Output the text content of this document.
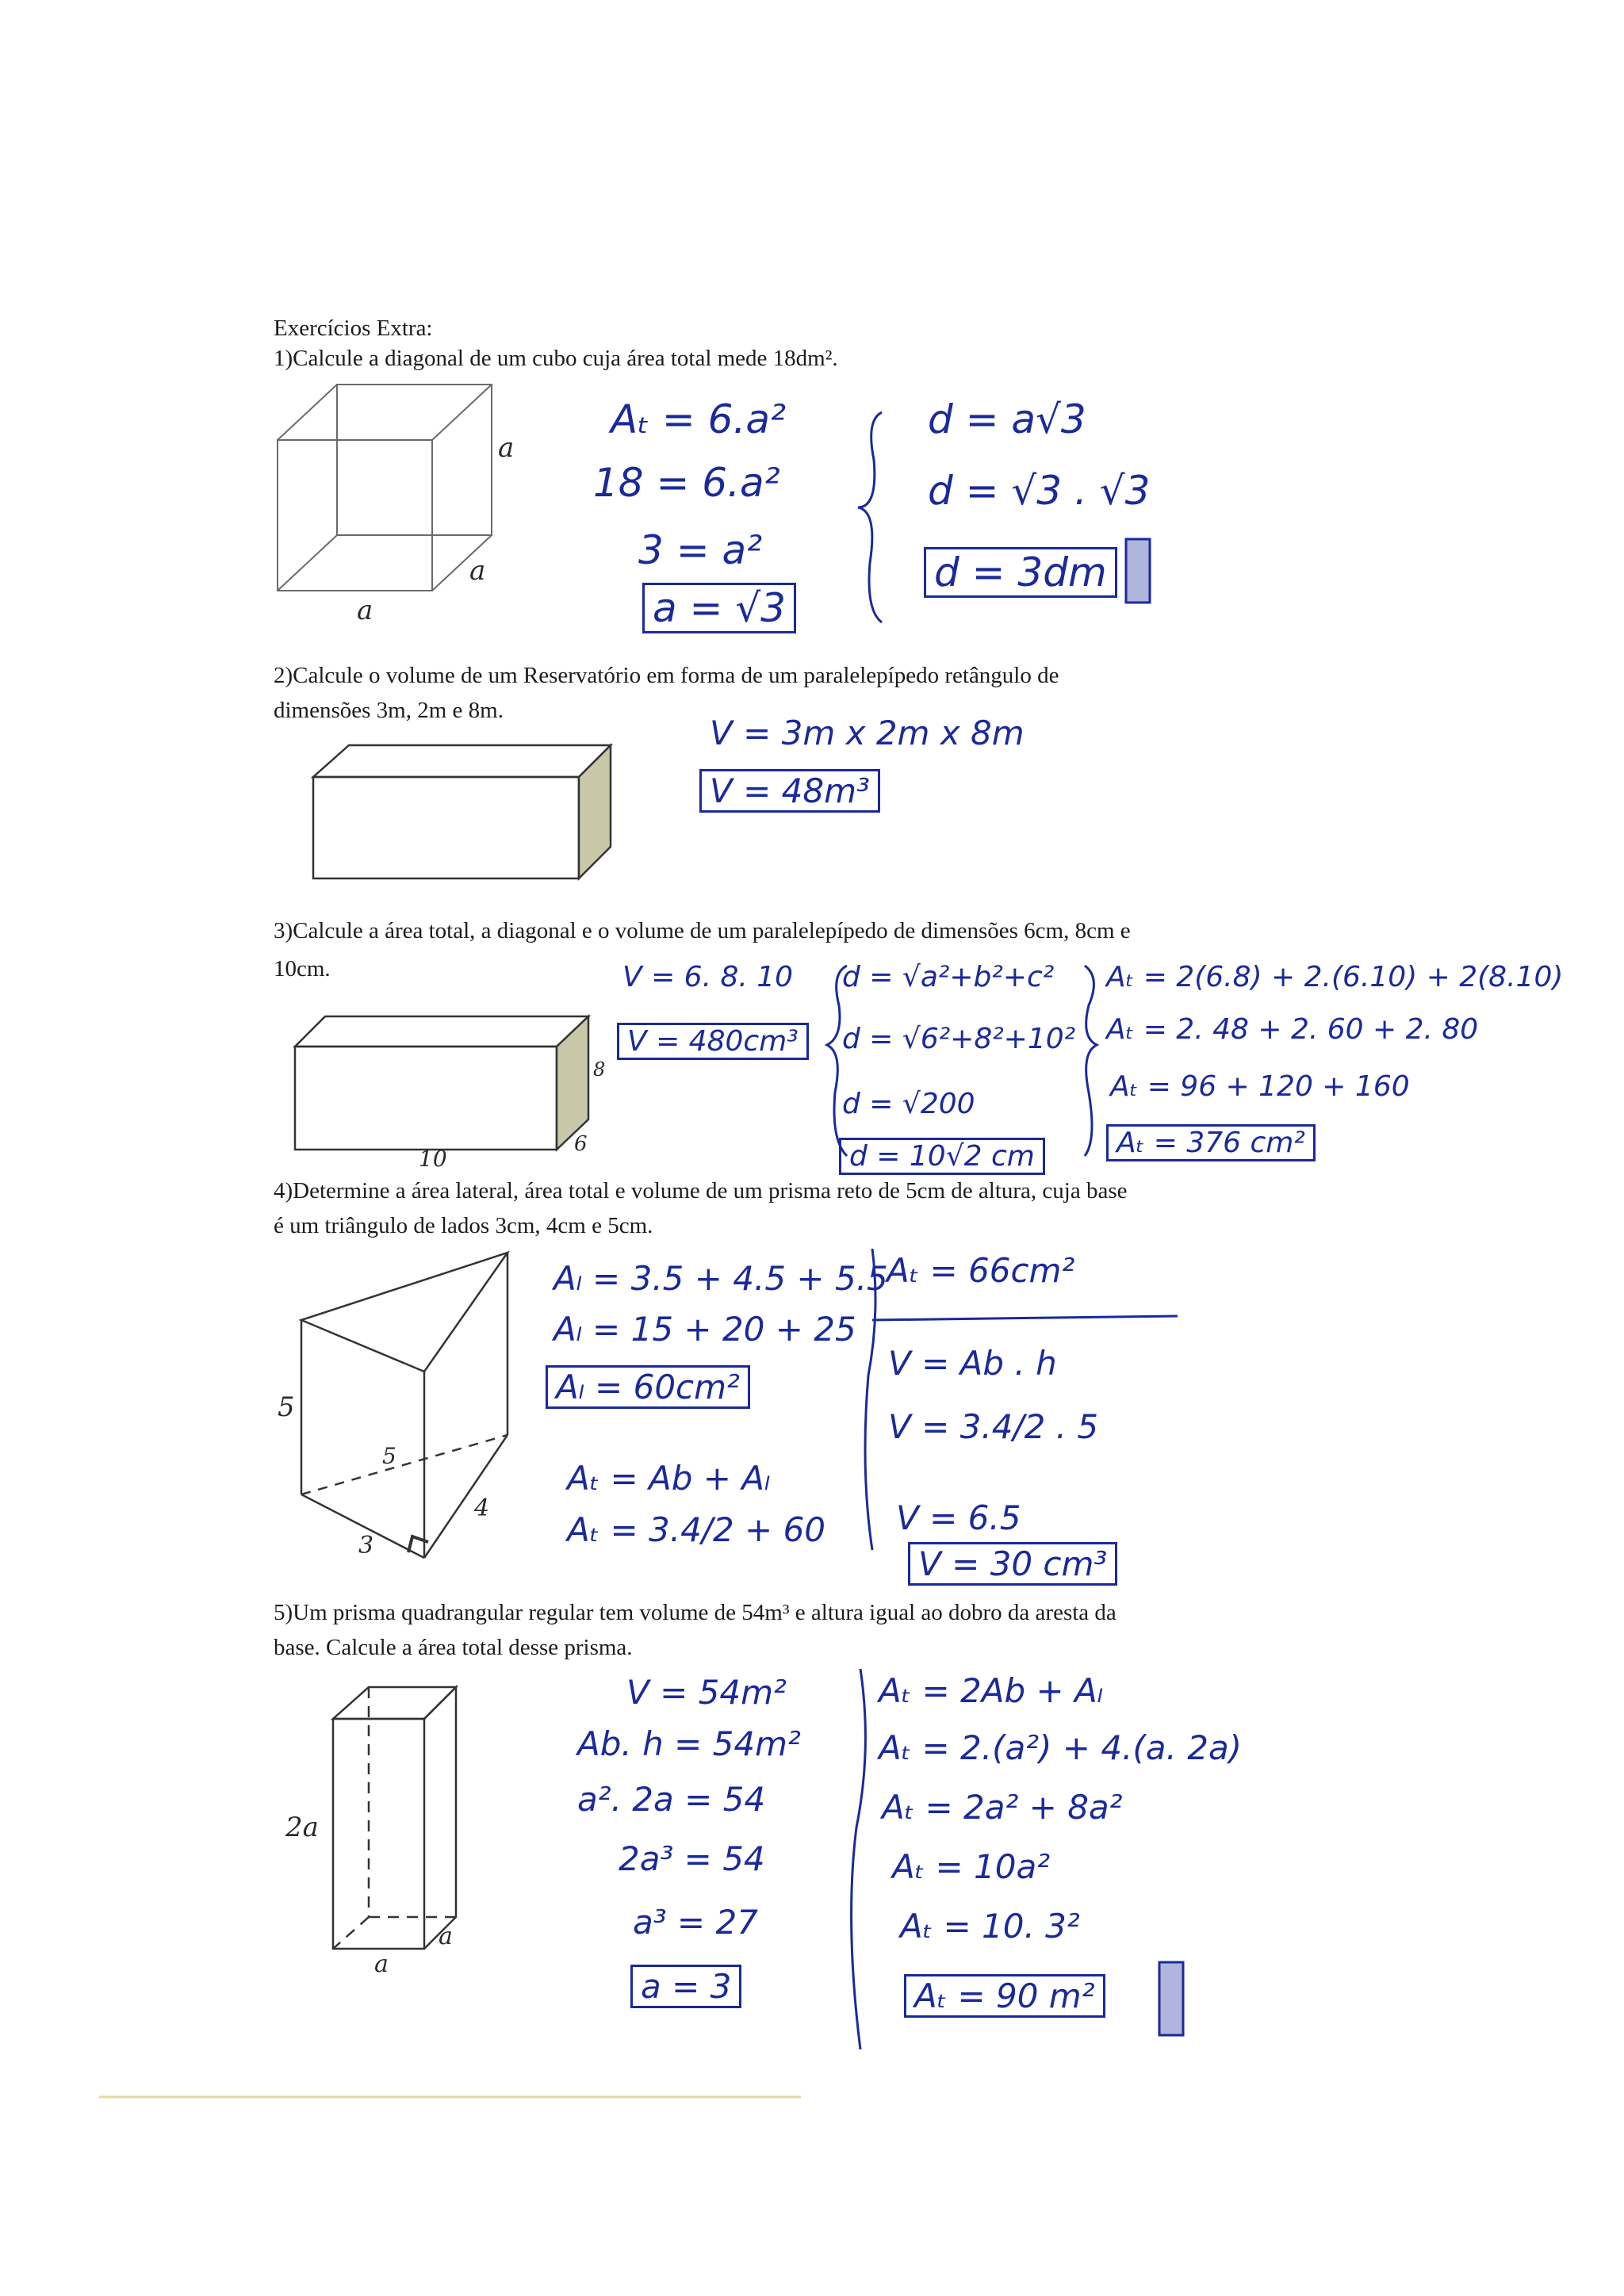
Exercícios Extra:
1)Calcule a diagonal de um cubo cuja área total mede 18dm².
2)Calcule o volume de um Reservatório em forma de um paralelepípedo retângulo de
dimensões 3m, 2m e 8m.
3)Calcule a área total, a diagonal e o volume de um paralelepípedo de dimensões 6cm, 8cm e
10cm.
4)Determine a área lateral, área total e volume de um prisma reto de 5cm de altura, cuja base
é um triângulo de lados 3cm, 4cm e 5cm.
5)Um prisma quadrangular regular tem volume de 54m³ e altura igual ao dobro da aresta da
base. Calcule a área total desse prisma.
a
a
a
10
8
6
5
5
4
3
2a
a
a
Aₜ = 6.a²
18 = 6.a²
3 = a²
a = √3
d = a√3
d = √3 . √3
d = 3dm
V = 3m x 2m x 8m
V = 48m³
V = 6. 8. 10
V = 480cm³
d = √a²+b²+c²
d = √6²+8²+10²
d = √200
d = 10√2 cm
Aₜ = 2(6.8) + 2.(6.10) + 2(8.10)
Aₜ = 2. 48 + 2. 60 + 2. 80
Aₜ = 96 + 120 + 160
Aₜ = 376 cm²
Aₗ = 3.5 + 4.5 + 5.5
Aₗ = 15 + 20 + 25
Aₗ = 60cm²
Aₜ = Ab + Aₗ
Aₜ = 3.4/2 + 60
Aₜ = 66cm²
V = Ab . h
V = 3.4/2 . 5
V = 6.5
V = 30 cm³
V = 54m²
Ab. h = 54m²
a². 2a = 54
2a³ = 54
a³ = 27
a = 3
Aₜ = 2Ab + Aₗ
Aₜ = 2.(a²) + 4.(a. 2a)
Aₜ = 2a² + 8a²
Aₜ = 10a²
Aₜ = 10. 3²
Aₜ = 90 m²
